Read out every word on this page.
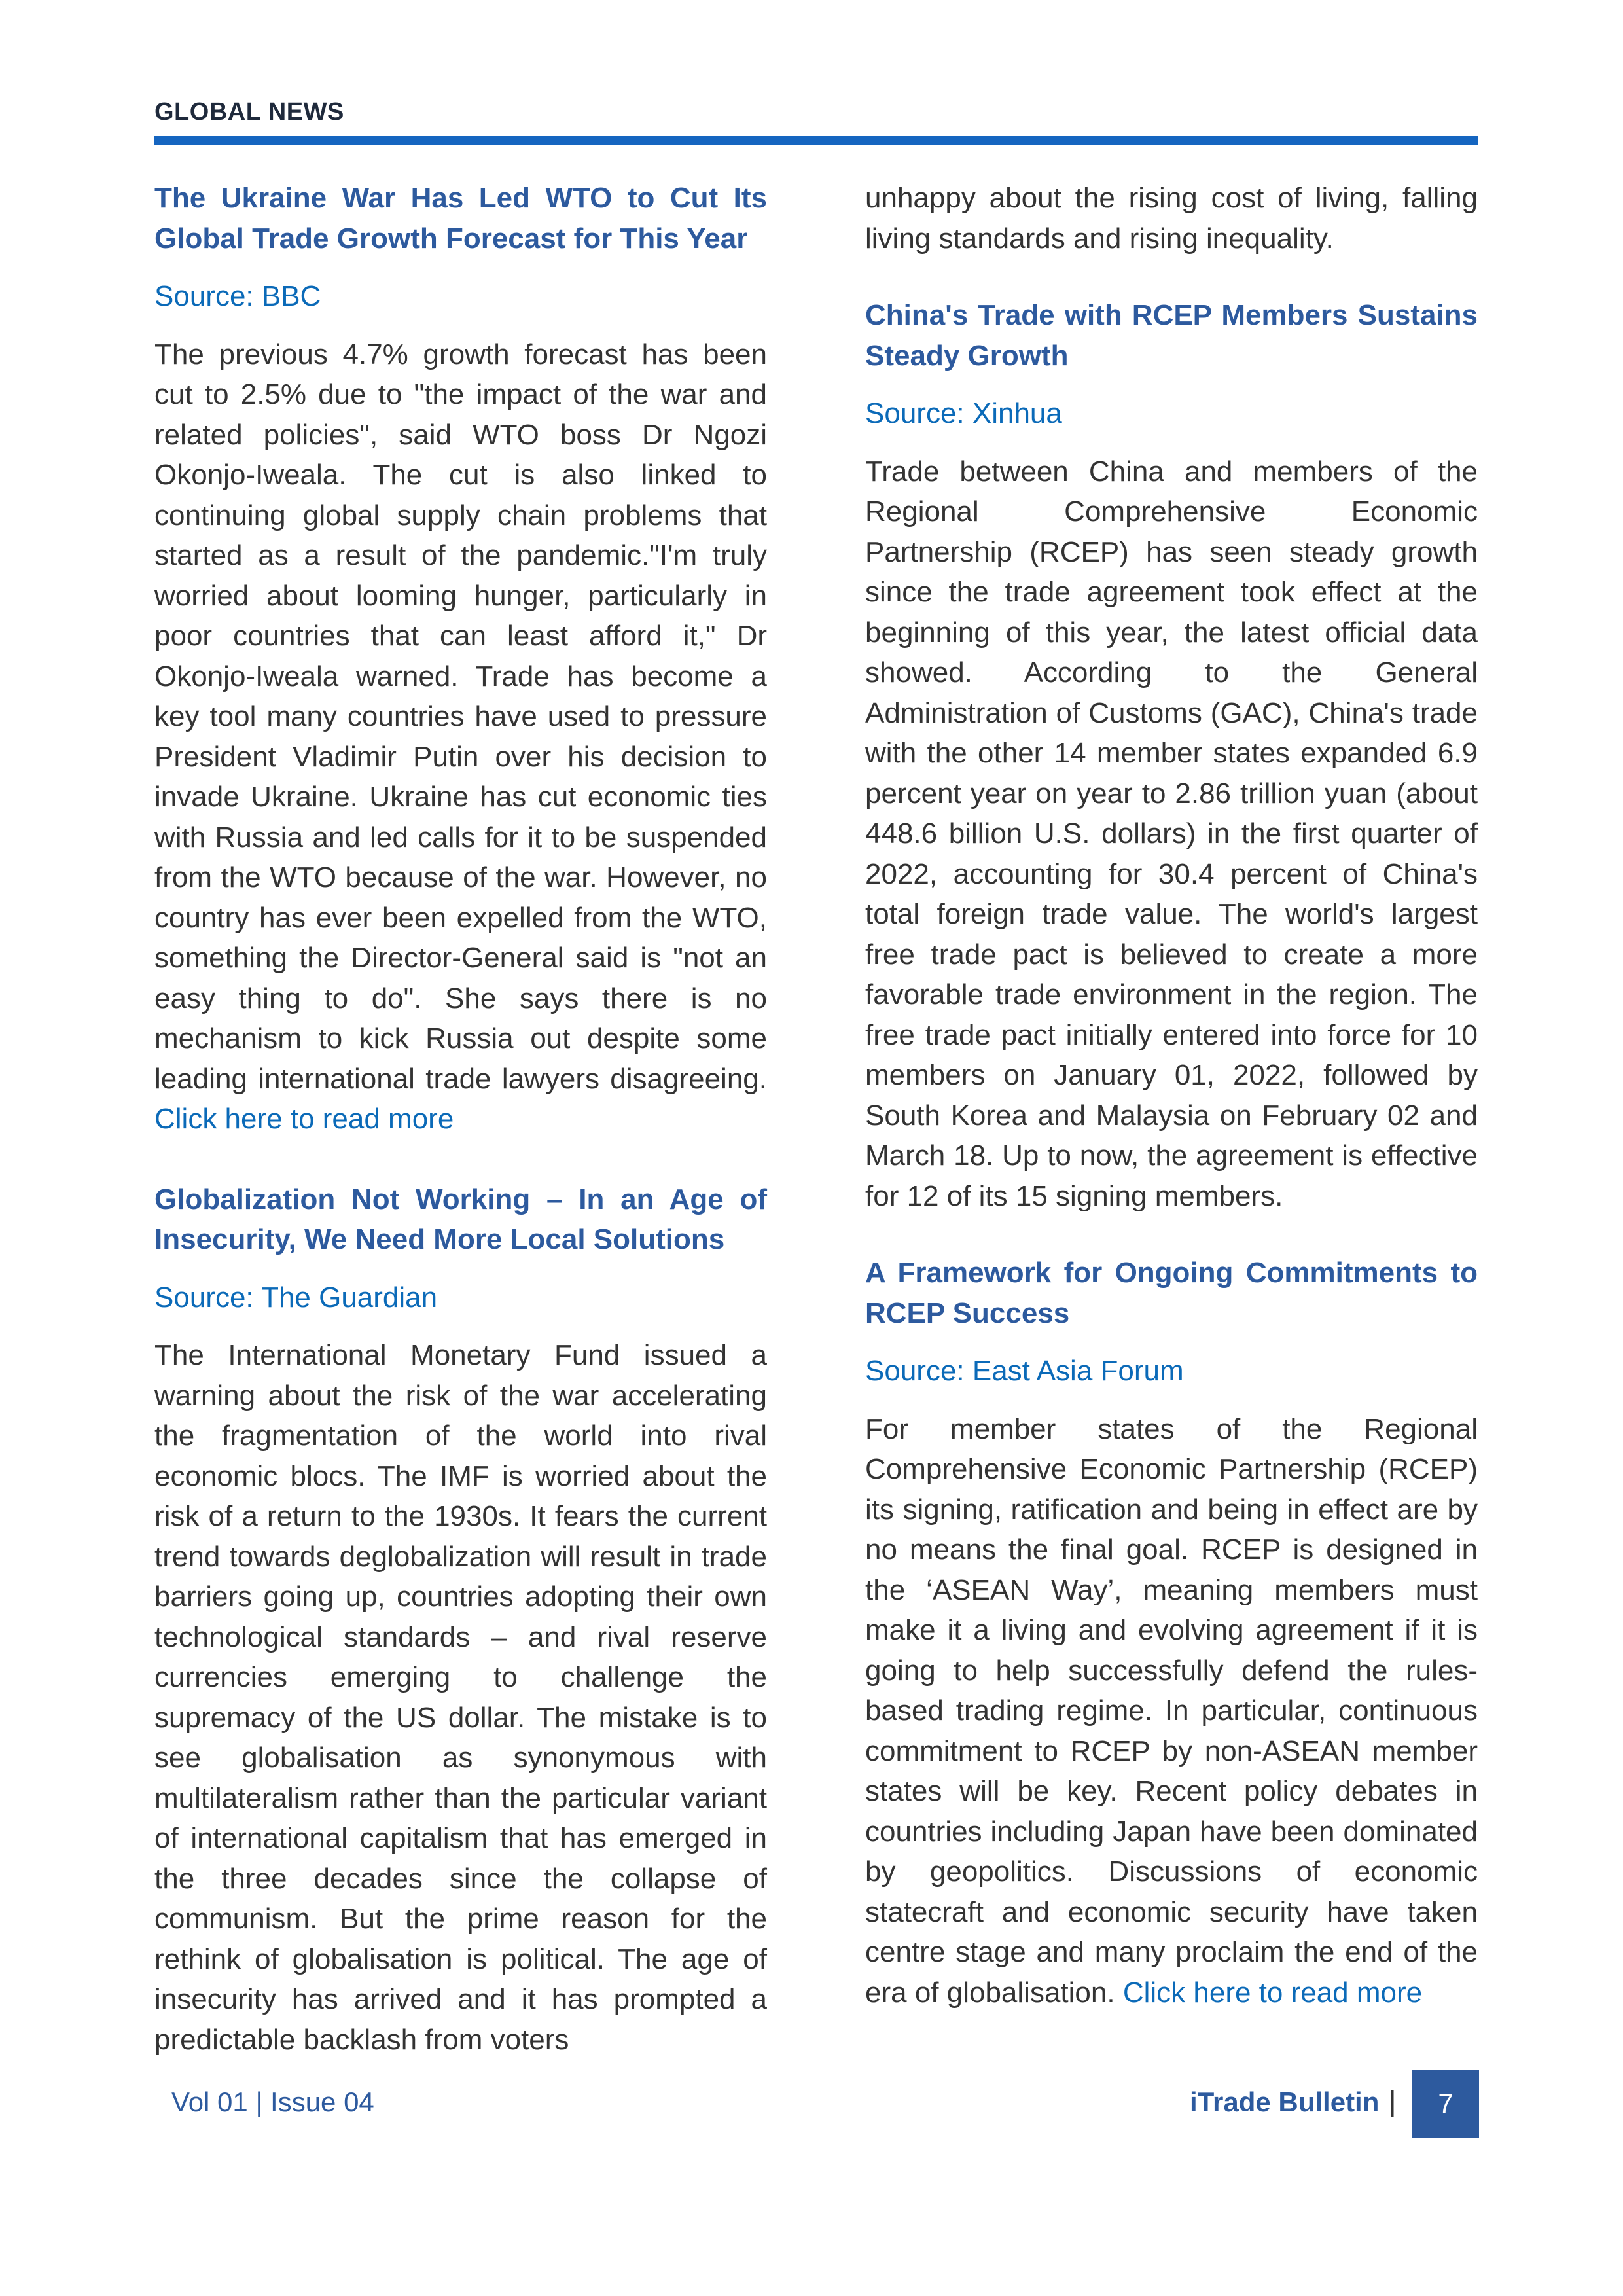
GLOBAL NEWS

The Ukraine War Has Led WTO to Cut Its Global Trade Growth Forecast for This Year

Source: BBC

The previous 4.7% growth forecast has been cut to 2.5% due to "the impact of the war and related policies", said WTO boss Dr Ngozi Okonjo-Iweala. The cut is also linked to continuing global supply chain problems that started as a result of the pandemic."I'm truly worried about looming hunger, particularly in poor countries that can least afford it," Dr Okonjo-Iweala warned. Trade has become a key tool many countries have used to pressure President Vladimir Putin over his decision to invade Ukraine. Ukraine has cut economic ties with Russia and led calls for it to be suspended from the WTO because of the war. However, no country has ever been expelled from the WTO, something the Director-General said is "not an easy thing to do". She says there is no mechanism to kick Russia out despite some leading international trade lawyers disagreeing. Click here to read more

Globalization Not Working – In an Age of Insecurity, We Need More Local Solutions

Source: The Guardian

The International Monetary Fund issued a warning about the risk of the war accelerating the fragmentation of the world into rival economic blocs. The IMF is worried about the risk of a return to the 1930s. It fears the current trend towards deglobalization will result in trade barriers going up, countries adopting their own technological standards – and rival reserve currencies emerging to challenge the supremacy of the US dollar. The mistake is to see globalisation as synonymous with multilateralism rather than the particular variant of international capitalism that has emerged in the three decades since the collapse of communism. But the prime reason for the rethink of globalisation is political. The age of insecurity has arrived and it has prompted a predictable backlash from voters

unhappy about the rising cost of living, falling living standards and rising inequality.

China's Trade with RCEP Members Sustains Steady Growth

Source: Xinhua

Trade between China and members of the Regional Comprehensive Economic Partnership (RCEP) has seen steady growth since the trade agreement took effect at the beginning of this year, the latest official data showed. According to the General Administration of Customs (GAC), China's trade with the other 14 member states expanded 6.9 percent year on year to 2.86 trillion yuan (about 448.6 billion U.S. dollars) in the first quarter of 2022, accounting for 30.4 percent of China's total foreign trade value. The world's largest free trade pact is believed to create a more favorable trade environment in the region. The free trade pact initially entered into force for 10 members on January 01, 2022, followed by South Korea and Malaysia on February 02 and March 18. Up to now, the agreement is effective for 12 of its 15 signing members.

A Framework for Ongoing Commitments to RCEP Success

Source: East Asia Forum

For member states of the Regional Comprehensive Economic Partnership (RCEP) its signing, ratification and being in effect are by no means the final goal. RCEP is designed in the ‘ASEAN Way’, meaning members must make it a living and evolving agreement if it is going to help successfully defend the rules-based trading regime. In particular, continuous commitment to RCEP by non-ASEAN member states will be key. Recent policy debates in countries including Japan have been dominated by geopolitics. Discussions of economic statecraft and economic security have taken centre stage and many proclaim the end of the era of globalisation. Click here to read more

Vol 01 | Issue 04	iTrade Bulletin | 7
